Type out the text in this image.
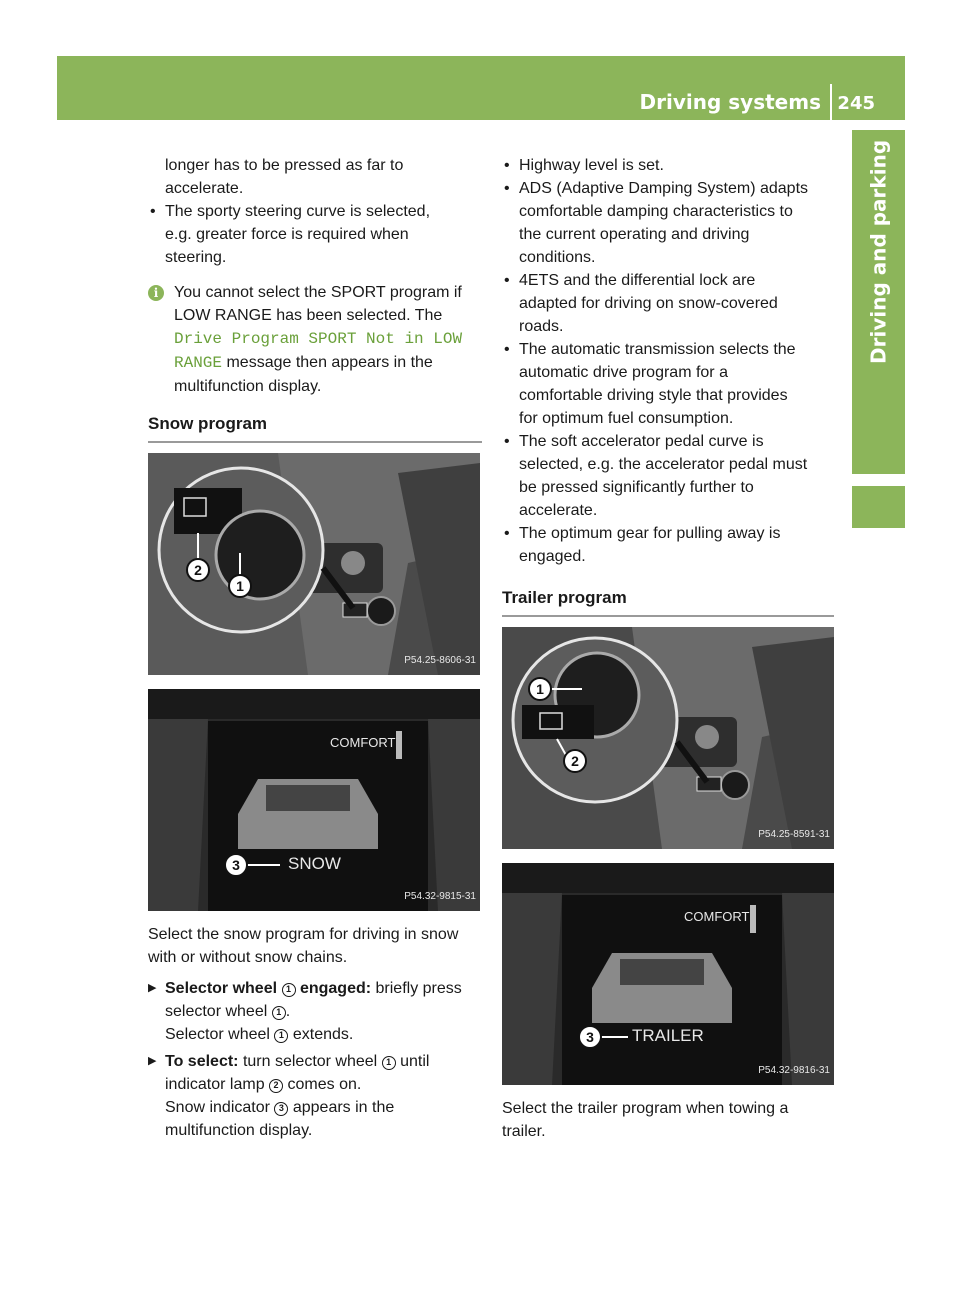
Driving systems 245
Driving and parking

longer has to be pressed as far to

accelerate.

• The sporty steering curve is selected,

e.g. greater force is required when

steering.

i You cannot select the SPORT program if

LOW RANGE has been selected. The

Drive Program SPORT Not in LOW

RANGE message then appears in the

multifunction display.

Snow program
2
1
P54.25-8606-31
3
COMFORT
SNOW
P54.32-9815-31

Select the snow program for driving in snow

with or without snow chains.

▶ Selector wheel 1 engaged: briefly press

selector wheel 1 .

Selector wheel 1 extends.

▶ To select: turn selector wheel 1 until

indicator lamp 2 comes on.

Snow indicator 3 appears in the

multifunction display.

• Highway level is set.

• ADS (Adaptive Damping System) adapts

comfortable damping characteristics to

the current operating and driving

conditions.

• 4ETS and the differential lock are

adapted for driving on snow-covered

roads.

• The automatic transmission selects the

automatic drive program for a

comfortable driving style that provides

for optimum fuel consumption.

• The soft accelerator pedal curve is

selected, e.g. the accelerator pedal must

be pressed significantly further to

accelerate.

• The optimum gear for pulling away is

engaged.

Trailer program
1
2
P54.25-8591-31
3
COMFORT
TRAILER
P54.32-9816-31

Select the trailer program when towing a

trailer.
